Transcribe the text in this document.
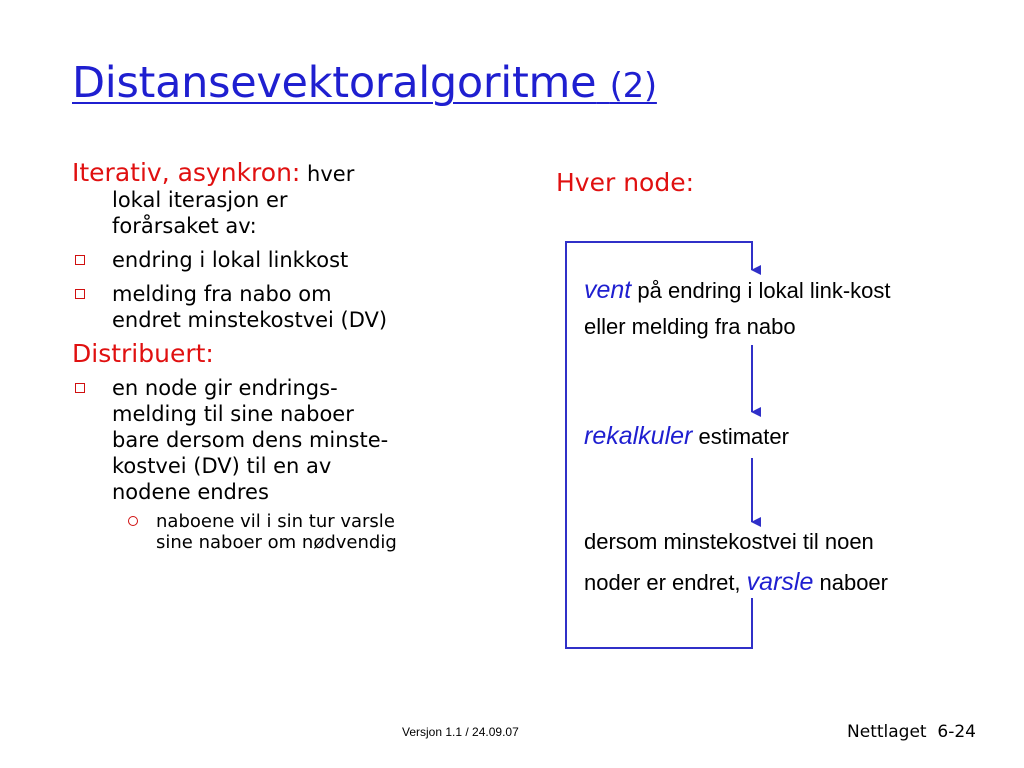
Distansevektoralgoritme (2)
Iterativ, asynkron: hver
lokal iterasjon er
forårsaket av:
endring i lokal linkkost
melding fra nabo om
endret minstekostvei (DV)
Distribuert:
en node gir endrings-
melding til sine naboer
bare dersom dens minste-
kostvei (DV) til en av
nodene endres
naboene vil i sin tur varsle
sine naboer om nødvendig
Hver node:
vent på endring i lokal link-kost
eller melding fra nabo
rekalkuler estimater
dersom minstekostvei til noen
noder er endret, varsle naboer
Versjon 1.1 / 24.09.07	Nettlaget 6-24
